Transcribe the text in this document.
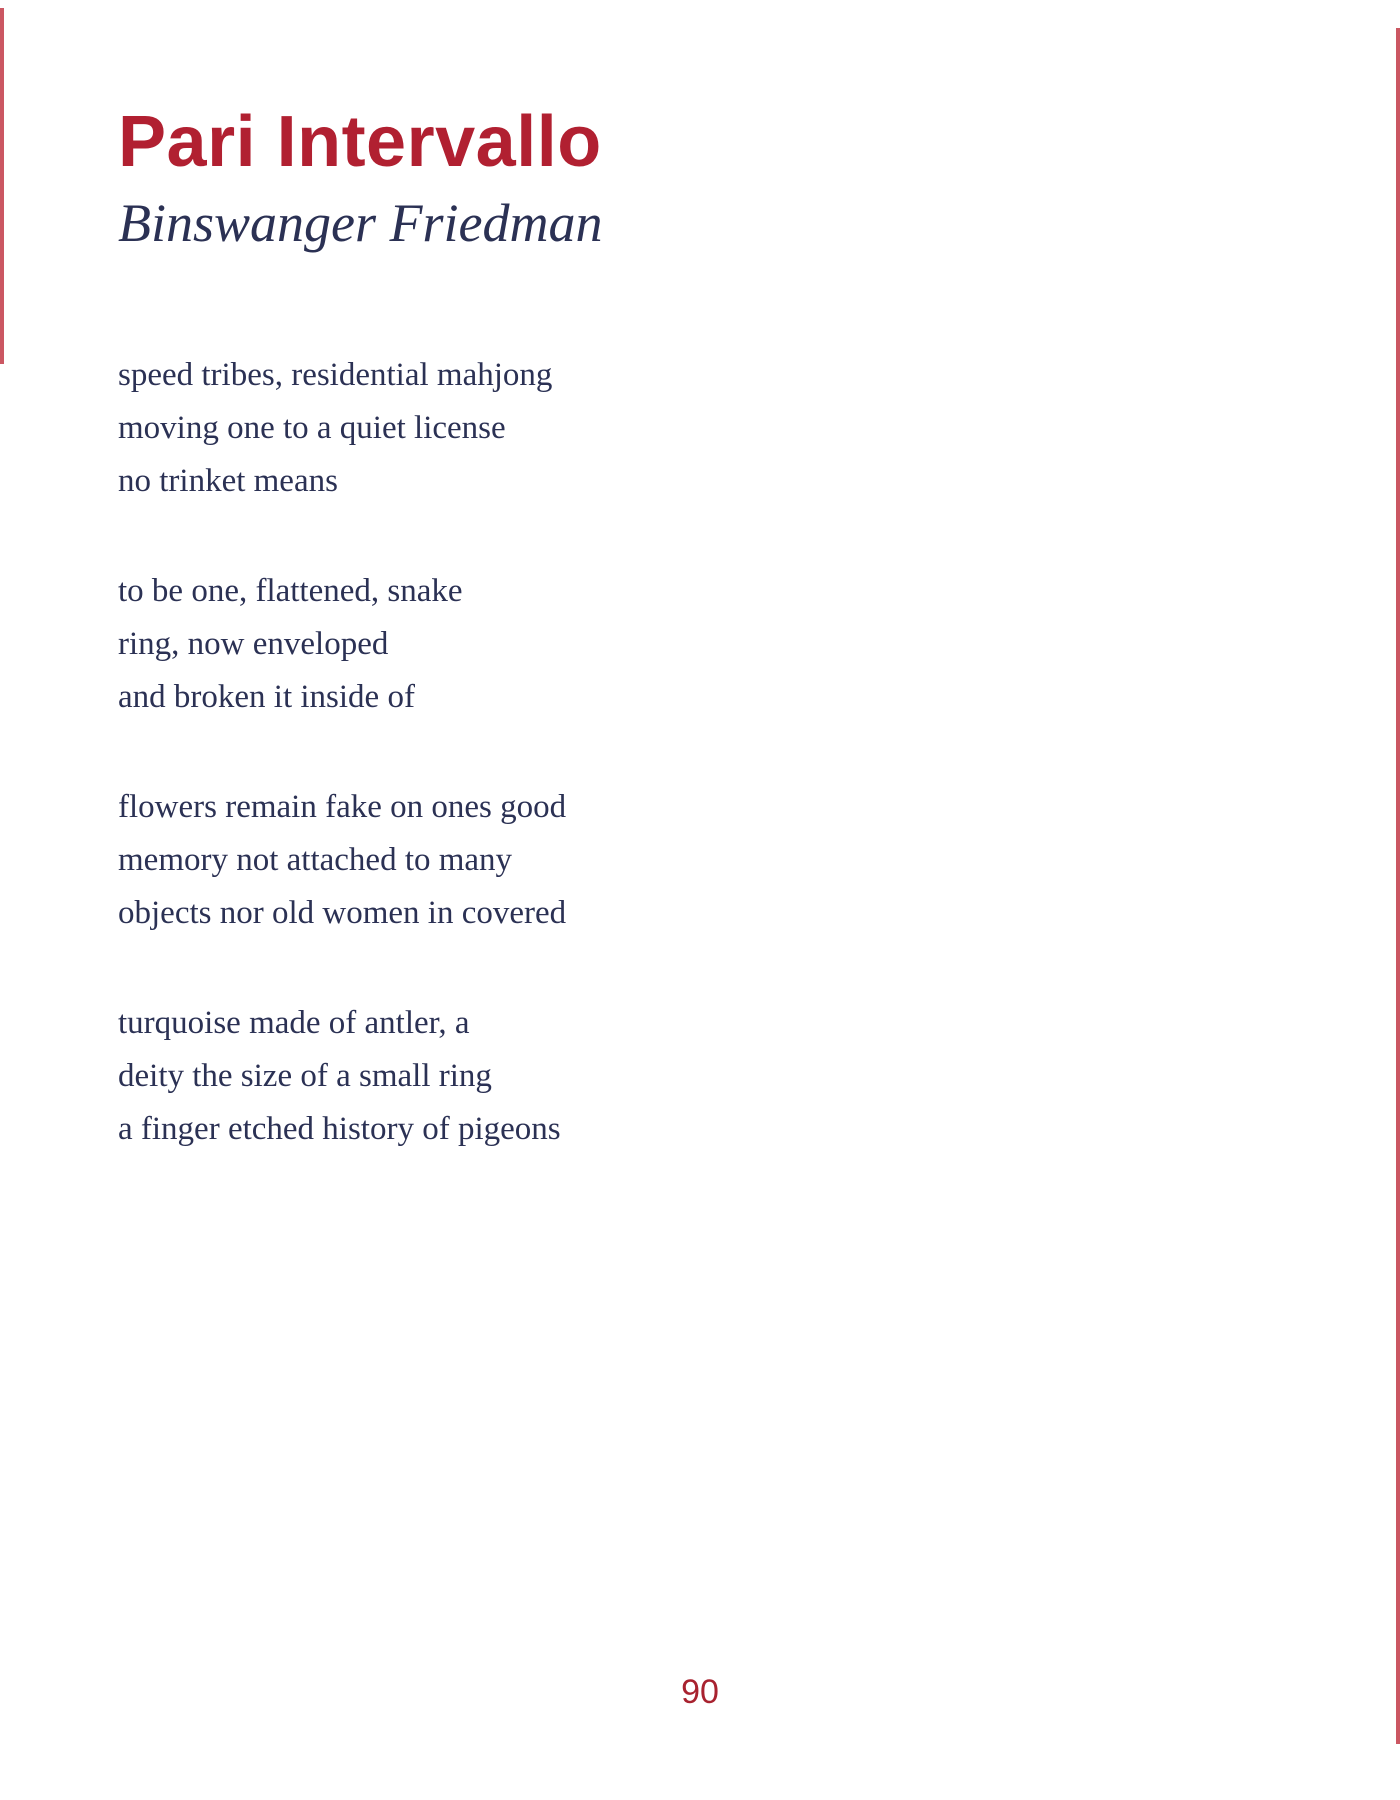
Pari Intervallo
Binswanger Friedman
speed tribes, residential mahjong
moving one to a quiet license
no trinket means
to be one, flattened, snake
ring, now enveloped
and broken it inside of
flowers remain fake on ones good
memory not attached to many
objects nor old women in covered
turquoise made of antler, a
deity the size of a small ring
a finger etched history of pigeons
90
